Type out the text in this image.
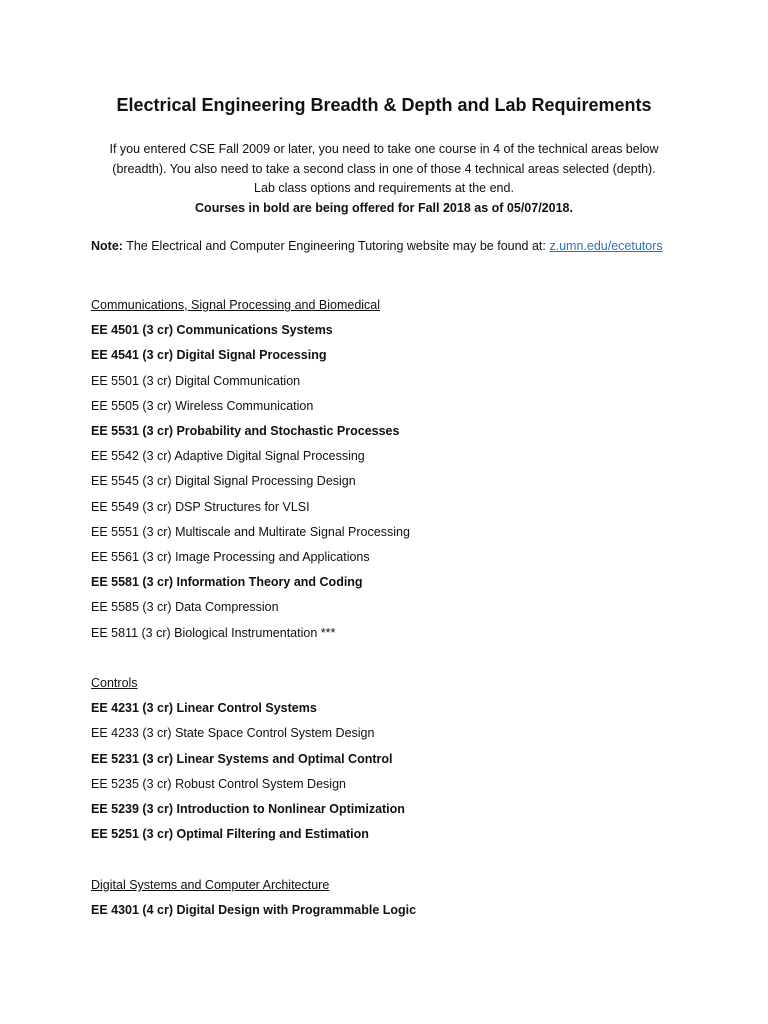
Electrical Engineering Breadth & Depth and Lab Requirements
If you entered CSE Fall 2009 or later, you need to take one course in 4 of the technical areas below
(breadth). You also need to take a second class in one of those 4 technical areas selected (depth).
Lab class options and requirements at the end.
Courses in bold are being offered for Fall 2018 as of 05/07/2018.
Note: The Electrical and Computer Engineering Tutoring website may be found at: z.umn.edu/ecetutors
Communications, Signal Processing and Biomedical
EE 4501 (3 cr) Communications Systems
EE 4541 (3 cr) Digital Signal Processing
EE 5501 (3 cr) Digital Communication
EE 5505 (3 cr) Wireless Communication
EE 5531 (3 cr) Probability and Stochastic Processes
EE 5542 (3 cr) Adaptive Digital Signal Processing
EE 5545 (3 cr) Digital Signal Processing Design
EE 5549 (3 cr) DSP Structures for VLSI
EE 5551 (3 cr) Multiscale and Multirate Signal Processing
EE 5561 (3 cr) Image Processing and Applications
EE 5581 (3 cr) Information Theory and Coding
EE 5585 (3 cr) Data Compression
EE 5811 (3 cr) Biological Instrumentation ***
Controls
EE 4231 (3 cr) Linear Control Systems
EE 4233 (3 cr) State Space Control System Design
EE 5231 (3 cr) Linear Systems and Optimal Control
EE 5235 (3 cr) Robust Control System Design
EE 5239 (3 cr) Introduction to Nonlinear Optimization
EE 5251 (3 cr) Optimal Filtering and Estimation
Digital Systems and Computer Architecture
EE 4301 (4 cr) Digital Design with Programmable Logic
